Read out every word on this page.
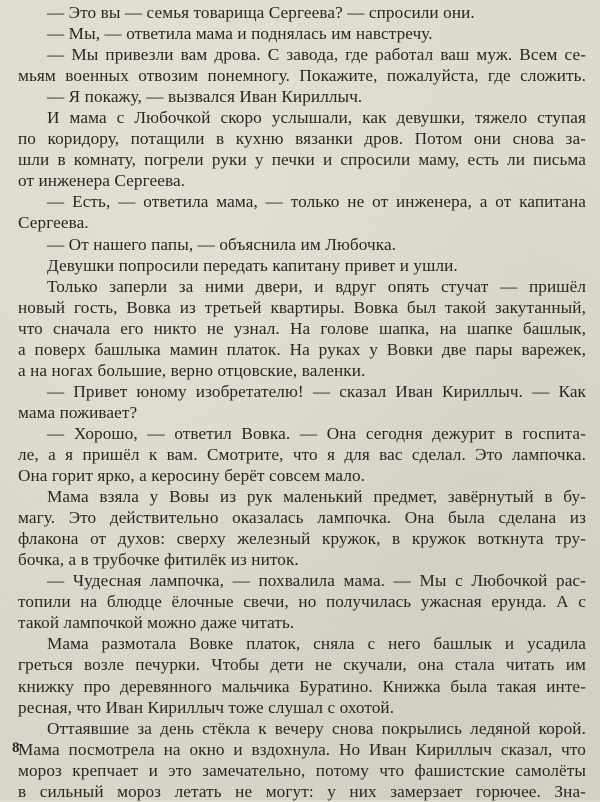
— Это вы — семья товарища Сергеева? — спросили они.
— Мы, — ответила мама и поднялась им навстречу.
— Мы привезли вам дрова. С завода, где работал ваш муж. Всем се-
мьям военных отвозим понемногу. Покажите, пожалуйста, где сложить.
— Я покажу, — вызвался Иван Кириллыч.
И мама с Любочкой скоро услышали, как девушки, тяжело ступая
по коридору, потащили в кухню вязанки дров. Потом они снова за-
шли в комнату, погрели руки у печки и спросили маму, есть ли письма
от инженера Сергеева.
— Есть, — ответила мама, — только не от инженера, а от капитана
Сергеева.
— От нашего папы, — объяснила им Любочка.
Девушки попросили передать капитану привет и ушли.
Только заперли за ними двери, и вдруг опять стучат — пришёл
новый гость, Вовка из третьей квартиры. Вовка был такой закутанный,
что сначала его никто не узнал. На голове шапка, на шапке башлык,
а поверх башлыка мамин платок. На руках у Вовки две пары варежек,
а на ногах большие, верно отцовские, валенки.
— Привет юному изобретателю! — сказал Иван Кириллыч. — Как
мама поживает?
— Хорошо, — ответил Вовка. — Она сегодня дежурит в госпита-
ле, а я пришёл к вам. Смотрите, что я для вас сделал. Это лампочка.
Она горит ярко, а керосину берёт совсем мало.
Мама взяла у Вовы из рук маленький предмет, завёрнутый в бу-
магу. Это действительно оказалась лампочка. Она была сделана из
флакона от духов: сверху железный кружок, в кружок воткнута тру-
бочка, а в трубочке фитилёк из ниток.
— Чудесная лампочка, — похвалила мама. — Мы с Любочкой рас-
топили на блюдце ёлочные свечи, но получилась ужасная ерунда. А с
такой лампочкой можно даже читать.
Мама размотала Вовке платок, сняла с него башлык и усадила
греться возле печурки. Чтобы дети не скучали, она стала читать им
книжку про деревянного мальчика Буратино. Книжка была такая инте-
ресная, что Иван Кириллыч тоже слушал с охотой.
Оттаявшие за день стёкла к вечеру снова покрылись ледяной корой.
Мама посмотрела на окно и вздохнула. Но Иван Кириллыч сказал, что
мороз крепчает и это замечательно, потому что фашистские самолёты
в сильный мороз летать не могут: у них замерзает горючее. Зна-
8
